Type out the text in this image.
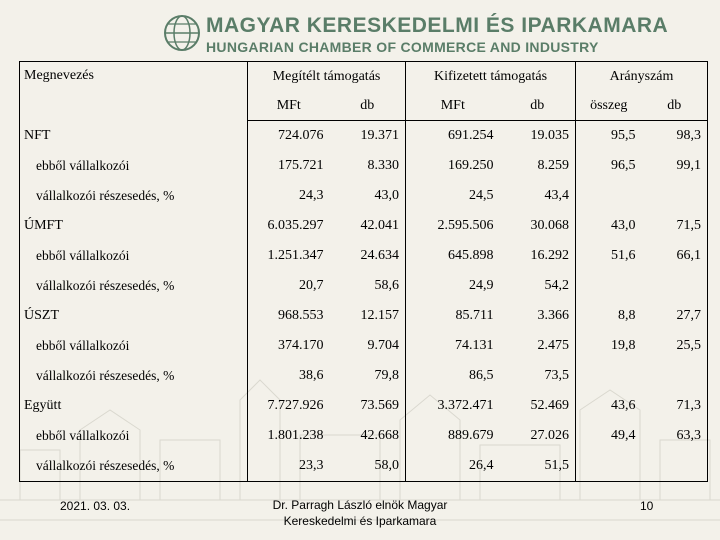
MAGYAR KERESKEDELMI ÉS IPARKAMARA
HUNGARIAN CHAMBER OF COMMERCE AND INDUSTRY
Megnevezés	Megítélt támogatás		Kifizetett támogatás		Arányszám	
	MFt	db	MFt	db	összeg	db
NFT	724.076	19.371	691.254	19.035	95,5	98,3
ebből vállalkozói	175.721	8.330	169.250	8.259	96,5	99,1
vállalkozói részesedés, %	24,3	43,0	24,5	43,4		
ÚMFT	6.035.297	42.041	2.595.506	30.068	43,0	71,5
ebből vállalkozói	1.251.347	24.634	645.898	16.292	51,6	66,1
vállalkozói részesedés, %	20,7	58,6	24,9	54,2		
ÚSZT	968.553	12.157	85.711	3.366	8,8	27,7
ebből vállalkozói	374.170	9.704	74.131	2.475	19,8	25,5
vállalkozói részesedés, %	38,6	79,8	86,5	73,5		
Együtt	7.727.926	73.569	3.372.471	52.469	43,6	71,3
ebből vállalkozói	1.801.238	42.668	889.679	27.026	49,4	63,3
vállalkozói részesedés, %	23,3	58,0	26,4	51,5		
2021. 03. 03.	Dr. Parragh László elnök Magyar
Kereskedelmi és Iparkamara
10
